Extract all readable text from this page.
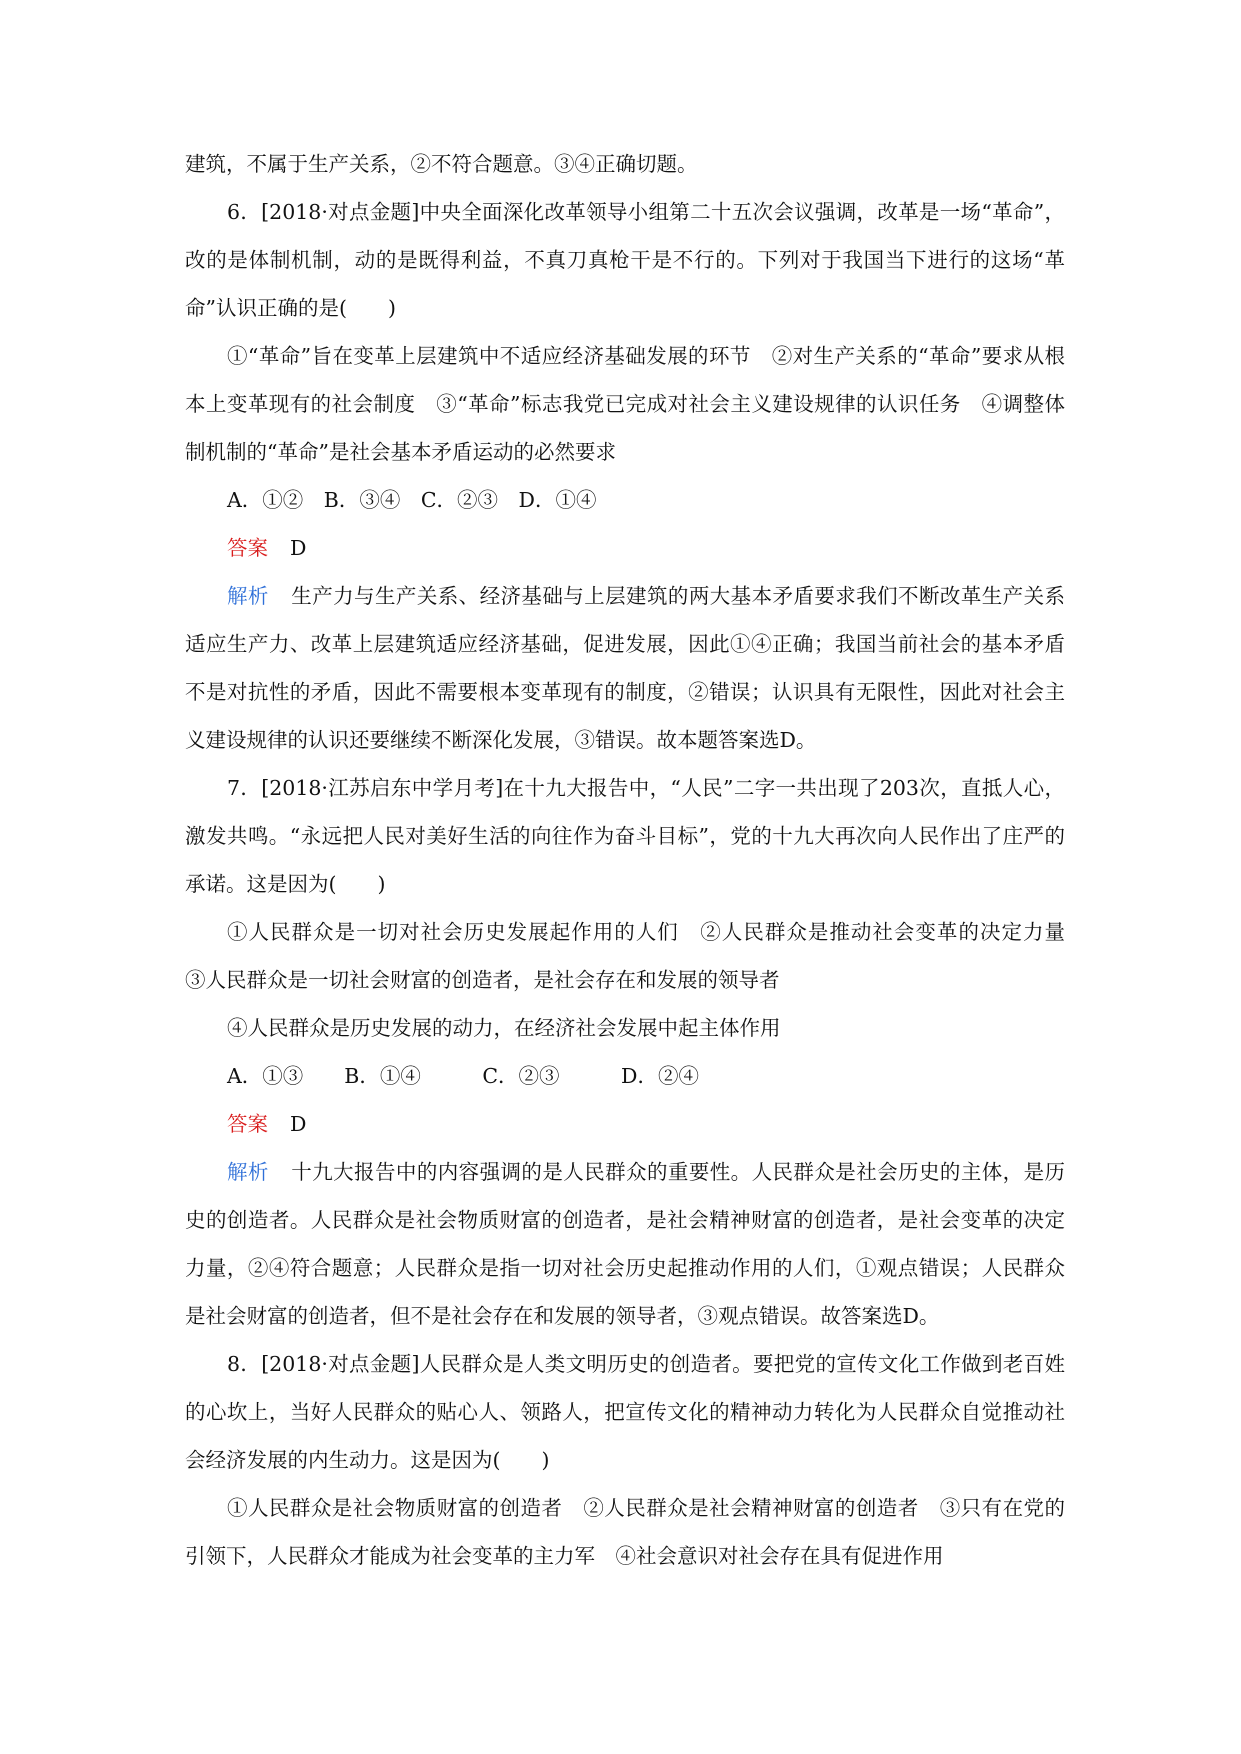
建筑，不属于生产关系，②不符合题意。③④正确切题。

6．[2018·对点金题]中央全面深化改革领导小组第二十五次会议强调，改革是一场“革命”，改的是体制机制，动的是既得利益，不真刀真枪干是不行的。下列对于我国当下进行的这场“革命”认识正确的是(　　)

①“革命”旨在变革上层建筑中不适应经济基础发展的环节　②对生产关系的“革命”要求从根本上变革现有的社会制度　③“革命”标志我党已完成对社会主义建设规律的认识任务　④调整体制机制的“革命”是社会基本矛盾运动的必然要求

A．①②　B．③④　C．②③　D．①④

答案 D

解析 生产力与生产关系、经济基础与上层建筑的两大基本矛盾要求我们不断改革生产关系适应生产力、改革上层建筑适应经济基础，促进发展，因此①④正确；我国当前社会的基本矛盾不是对抗性的矛盾，因此不需要根本变革现有的制度，②错误；认识具有无限性，因此对社会主义建设规律的认识还要继续不断深化发展，③错误。故本题答案选D。

7．[2018·江苏启东中学月考]在十九大报告中，“人民”二字一共出现了203次，直抵人心，激发共鸣。“永远把人民对美好生活的向往作为奋斗目标”，党的十九大再次向人民作出了庄严的承诺。这是因为(　　)

①人民群众是一切对社会历史发展起作用的人们　②人民群众是推动社会变革的决定力量　③人民群众是一切社会财富的创造者，是社会存在和发展的领导者

④人民群众是历史发展的动力，在经济社会发展中起主体作用

A．①③　　B．①④　　　C．②③　　　D．②④

答案 D

解析 十九大报告中的内容强调的是人民群众的重要性。人民群众是社会历史的主体，是历史的创造者。人民群众是社会物质财富的创造者，是社会精神财富的创造者，是社会变革的决定力量，②④符合题意；人民群众是指一切对社会历史起推动作用的人们，①观点错误；人民群众是社会财富的创造者，但不是社会存在和发展的领导者，③观点错误。故答案选D。

8．[2018·对点金题]人民群众是人类文明历史的创造者。要把党的宣传文化工作做到老百姓的心坎上，当好人民群众的贴心人、领路人，把宣传文化的精神动力转化为人民群众自觉推动社会经济发展的内生动力。这是因为(　　)

①人民群众是社会物质财富的创造者　②人民群众是社会精神财富的创造者　③只有在党的引领下，人民群众才能成为社会变革的主力军　④社会意识对社会存在具有促进作用
